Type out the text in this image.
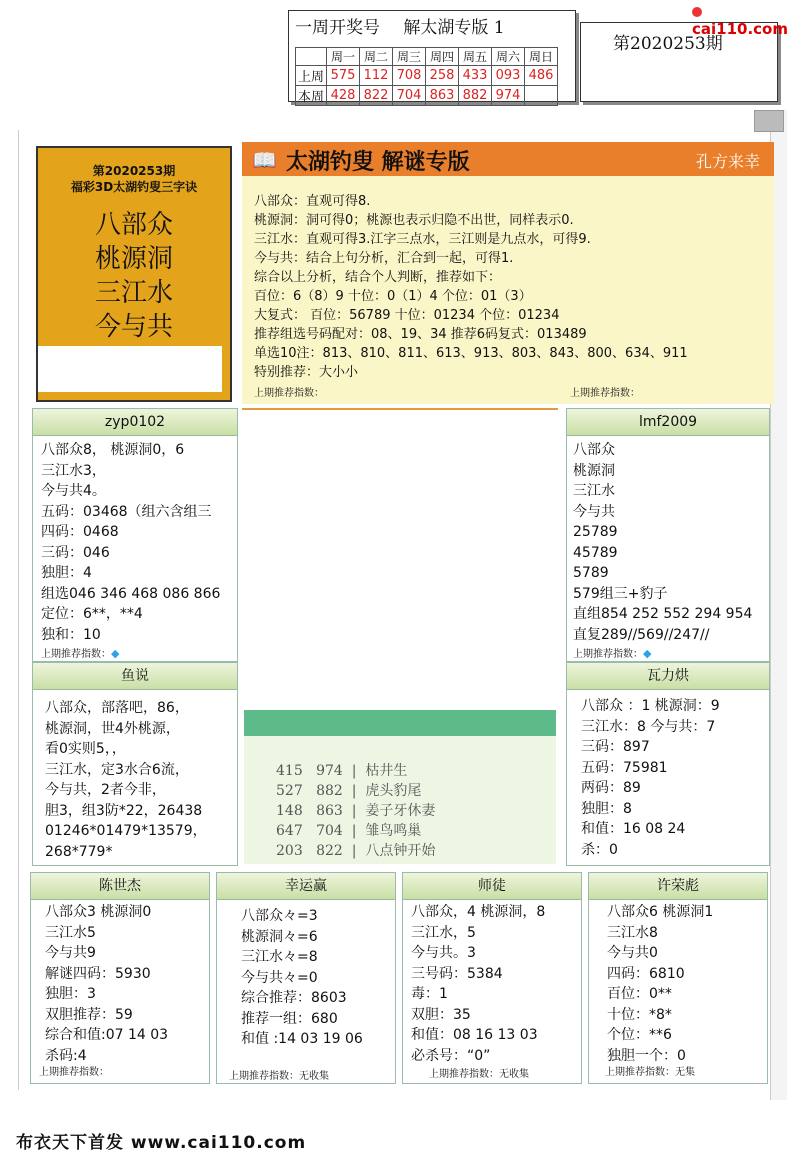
一周开奖号 解太湖专版 1
	周一	周二	周三	周四	周五	周六	周日
上周	575	112	708	258	433	093	486
本周	428	822	704	863	882	974	
第2020253期
cai110.com
第2020253期
福彩3D太湖钓叟三字诀
八部众
桃源洞
三江水
今与共
📖 太湖钓叟 解谜专版	孔方来幸
八部众：直观可得8.
桃源洞：洞可得0；桃源也表示归隐不出世，同样表示0.
三江水：直观可得3.江字三点水，三江则是九点水，可得9.
今与共：结合上句分析，汇合到一起，可得1.
综合以上分析，结合个人判断，推荐如下：
百位：6（8）9 十位：0（1）4 个位：01（3）
大复式： 百位：56789 十位：01234 个位：01234
推荐组选号码配对：08、19、34 推荐6码复式：013489
单选10注：813、810、811、613、913、803、843、800、634、911
特别推荐：大小小
上期推荐指数：	上期推荐指数：
zyp0102
八部众8， 桃源洞0，6
三江水3，
今与共4。
五码：03468（组六含组三
四码：0468
三码：046
独胆：4
组选046 346 468 086 866
定位：6**，**4
独和：10
上期推荐指数：◆
lmf2009
八部众
桃源洞
三江水
今与共
25789
45789
5789
579组三+豹子
直组854 252 552 294 954
直复289//569//247//
上期推荐指数：◆
鱼说
八部众，部落吧，86，
桃源洞，世4外桃源，
看0实则5，，
三江水，定3水合6流，
今与共，2者今非，
胆3，组3防*22，26438
01246*01479*13579，
268*779*
瓦力烘
八部众 ：1 桃源洞：9
三江水：8 今与共：7
三码：897
五码：75981
两码：89
独胆：8
和值：16 08 24
杀：0
415 974  |  枯井生
527 882  |  虎头豹尾
148 863  |  姜子牙休妻
647 704  |  雏鸟鸣巢
203 822  |  八点钟开始
陈世杰
八部众3 桃源洞0
三江水5
今与共9
解谜四码：5930
独胆：3
双胆推荐：59
综合和值:07 14 03
杀码:4
上期推荐指数：
幸运赢
八部众々=3
桃源洞々=6
三江水々=8
今与共々=0
综合推荐：8603
推荐一组：680
和值 :14 03 19 06
上期推荐指数：无收集
师徒
八部众，4 桃源洞，8
三江水，5
今与共。3
三号码：5384
毒：1
双胆：35
和值：08 16 13 03
必杀号：“0”
上期推荐指数：无收集
许荣彪
八部众6 桃源洞1
三江水8
今与共0
四码：6810
百位：0**
十位：*8*
个位：**6
独胆一个：0
上期推荐指数：无集
布衣天下首发 www.cai110.com
